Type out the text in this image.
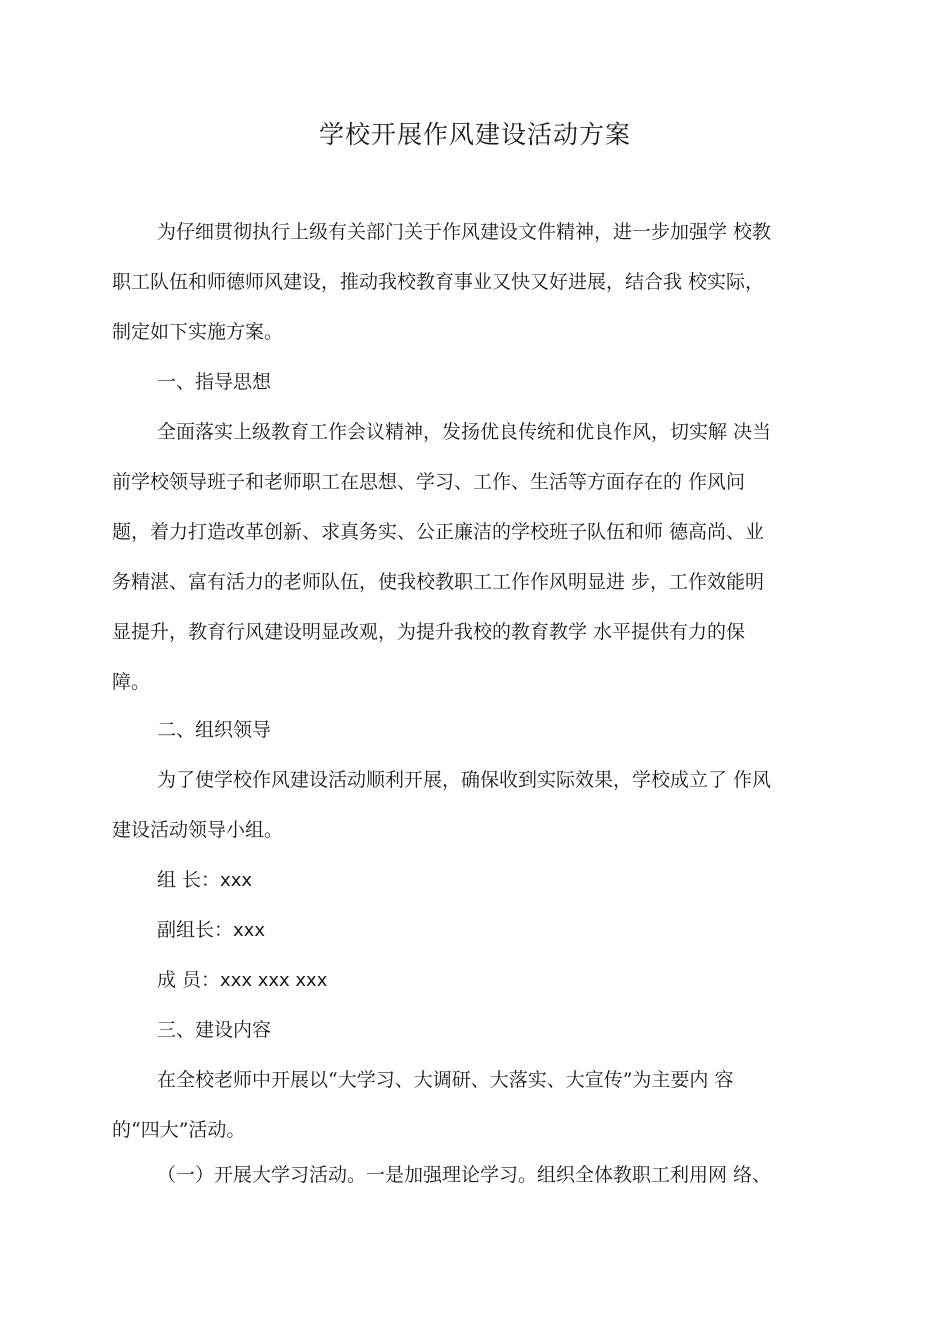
学校开展作风建设活动方案
为仔细贯彻执行上级有关部门关于作风建设文件精神，进一步加强学 校教
职工队伍和师德师风建设，推动我校教育事业又快又好进展，结合我 校实际，
制定如下实施方案。
一、指导思想
全面落实上级教育工作会议精神，发扬优良传统和优良作风，切实解 决当
前学校领导班子和老师职工在思想、学习、工作、生活等方面存在的 作风问
题，着力打造改革创新、求真务实、公正廉洁的学校班子队伍和师 德高尚、业
务精湛、富有活力的老师队伍，使我校教职工工作作风明显进 步，工作效能明
显提升，教育行风建设明显改观，为提升我校的教育教学 水平提供有力的保
障。
二、组织领导
为了使学校作风建设活动顺利开展，确保收到实际效果，学校成立了 作风
建设活动领导小组。
组 长：xxx
副组长：xxx
成 员：xxx xxx xxx
三、建设内容
在全校老师中开展以“大学习、大调研、大落实、大宣传”为主要内 容
的“四大”活动。
（一）开展大学习活动。一是加强理论学习。组织全体教职工利用网 络、
